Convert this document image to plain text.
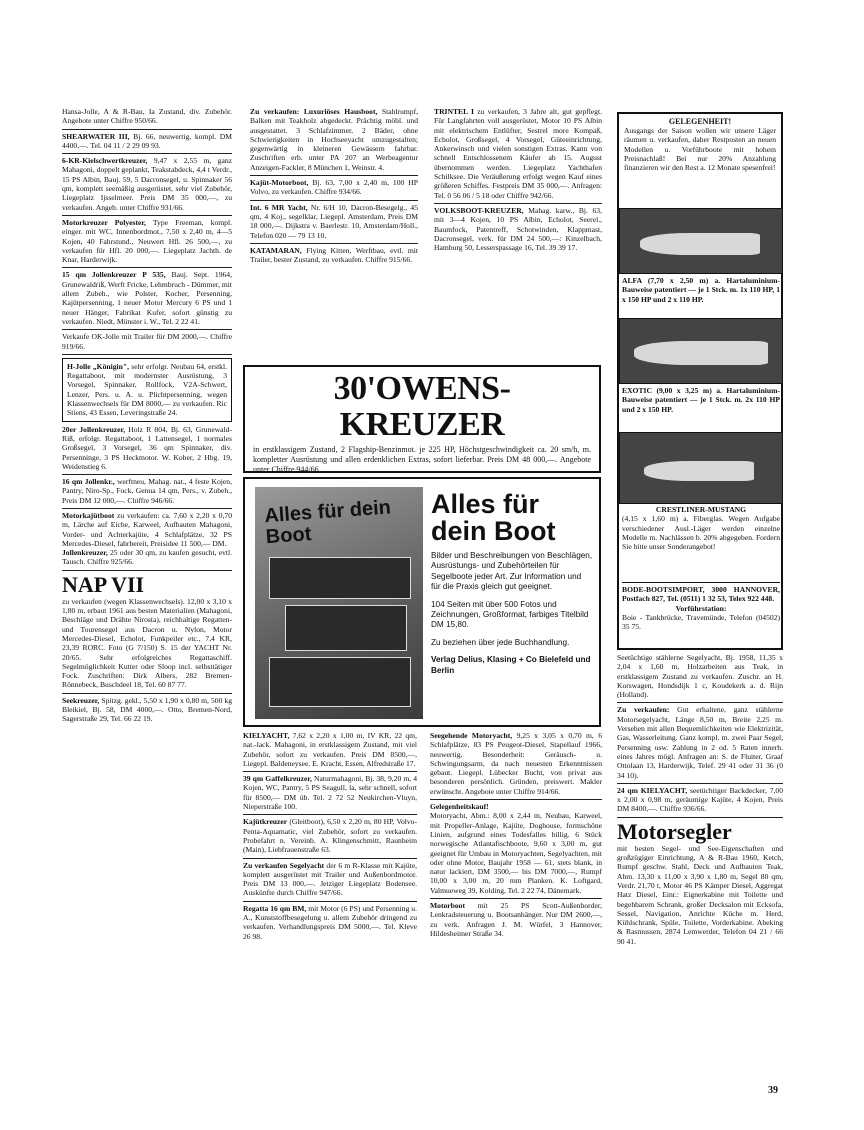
Hansa-Jolle, A & R-Bau, Ia Zustand, div. Zubehör. Angebote unter Chiffre 950/66.
SHEARWATER III, Bj. 66, neuwertig, kompl. DM 4400,—. Tel. 04 11 / 2 29 09 93.
6-KR-Kielschwertkreuzer, 9,47 x 2,55 m, ganz Mahagoni, doppelt geplankt, Teakstabdeck, 4,4 t Verdr., 15 PS Albin, Bauj. 59, 5 Dacronsegel, u. Spinnaker 56 qm, komplett seemäßig ausgerüstet, sehr viel Zubehör, Liegeplatz Ijsselmeer. Preis DM 35 000,—, zu verkaufen. Angeb. unter Chiffre 931/66.
Motorkreuzer Polyester, Type Freeman, kompl. einger. mit WC, Innenbordmot., 7,50 x 2,40 m, 4—5 Kojen, 40 Fahrstund., Neuwert Hfl. 26 500,—, zu verkaufen für Hfl. 20 000,—. Liegeplatz Jachth. de Knar, Harderwijk.
15 qm Jollenkreuzer P 535, Bauj. Sept. 1964, Grunewaldriß, Werft Fricke, Lehmbruch - Dümmer, mit allem Zubeh., wie Polster, Kocher, Persenning, Kajütpersenning, 1 neuer Motor Mercury 6 PS und 1 neuer Hänger, Fabrikat Kufer, sofort günstig zu verkaufen. Niedt, Münster i. W., Tel. 2 22 41.
Verkaufe OK-Jolle mit Trailer für DM 2000,—. Chiffre 919/66.
H-Jolle „Königin", sehr erfolgr. Neubau 64, erstkl. Regattaboot, mit modernster Ausrüstung, 3 Vorsegel, Spinnaker, Rollfock, V2A-Schwert, Lenzer, Pers. u. A. u. Plichtpersenning, wegen Klassenwechsels für DM 8000,— zu verkaufen. Ric Stiens, 43 Essen, Leveringstraße 24.
20er Jollenkreuzer, Holz R 804, Bj. 63, Grunewald-Riß, erfolgr. Regattaboot, 1 Lattensegel, 1 normales Großsegel, 3 Vorsegel, 36 qm Spinnaker, div. Persenninge, 3 PS Heckmotor. W. Kober, 2 Hbg. 19, Weidenstieg 6.
16 qm Jollenkr., werftneu, Mahag. nat., 4 feste Kojen, Pantry, Niro-Sp., Fock, Genua 14 qm, Pers., v. Zubeh., Preis DM 12 000,—. Chiffre 946/66.
Motorkajütboot zu verkaufen: ca. 7,60 x 2,20 x 0,70 m, Lärche auf Eiche, Karweel, Aufbauten Mahagoni, Vorder- und Achterkajüte, 4 Schlafplätze, 32 PS Mercedes-Diesel, fahrbereit, Preisidee 11 500,— DM.
Jollenkreuzer, 25 oder 30 qm, zu kaufen gesucht, evtl. Tausch. Chiffre 925/66.
NAP VII
zu verkaufen (wegen Klassenwechsels). 12,00 x 3,10 x 1,80 m, erbaut 1961 aus besten Materialien (Mahagoni, Beschläge und Drähte Nirosta), reichhaltige Regatten- und Tourensegel aus Dacron u. Nylon, Motor Mercedes-Diesel, Echolot, Funkpeiler etc., 7,4 KR, 23,39 RORC. Foto (G 7/150) S. 15 der YACHT Nr. 20/65. Sehr erfolgreiches Regattaschiff. Segelmöglichkeit Kutter oder Sloop incl. selbsttätiger Fock. Zuschriften: Dirk Albers, 282 Bremen-Rönnebeck, Buschdeel 18, Tel. 60 87 77.
Seekreuzer, Spitzg. gekl., 5,50 x 1,90 x 0,80 m, 500 kg Bleikiel, Bj. 58, DM 4000,—. Otto, Bremen-Nord, Sagerstraße 29, Tel. 66 22 19.
Zu verkaufen: Luxuriöses Hausboot, Stahlrumpf, Balken mit Teakholz abgedeckt. Prächtig möbl. und ausgestattet. 3 Schlafzimmer, 2 Bäder, ohne Schwierigkeiten in Hochseeyacht umzugestalten; gegenwärtig in kleineren Gewässern fahrbar. Zuschriften erb. unter PA 207 an Werbeagentur Anzeigen-Fackler, 8 München 1, Weinstr. 4.
Kajüt-Motorboot, Bj. 63, 7,00 x 2,40 m, 100 HP Volvo, zu verkaufen. Chiffre 934/66.
Int. 6 MR Yacht, Nr. 6/H 10, Dacron-Besegelg., 45 qm, 4 Koj., segelklar, Liegepl. Amsterdam, Preis DM 18 000,—. Dijkstra v. Baerlestr. 10, Amsterdam/Holl., Telefon 020 — 79 13 10.
KATAMARAN, Flying Kitten, Werftbau, evtl. mit Trailer, bester Zustand, zu verkaufen. Chiffre 915/66.
TRINTEL I zu verkaufen, 3 Jahre alt, gut gepflegt. Für Langfahrten voll ausgerüstet, Motor 10 PS Albin mit elektrischem Entlüfter, Sestrel more Kompaß, Echolot, Großsegel, 4 Vorsegel, Güteeinrichtung, Ankerwinsch und vielen sonstigen Extras. Kann von schnell Entschlossenem Käufer ab 15. August übernommen werden. Liegeplatz Yachthafen Schilksee. Die Veräußerung erfolgt wegen Kauf eines größeren Schiffes. Festpreis DM 35 000,—. Anfragen: Tel. 0 56 06 / 5 18 oder Chiffre 942/66.
VOLKSBOOT-KREUZER, Mahag. karw., Bj. 63, mit 3—4 Kojen, 10 PS Albin, Echolot, Seerel., Baumfock, Patentreff, Schotwinden, Klappmast, Dacronsegel, verk. für DM 24 500,—: Kinzelbach, Hamburg 50, Lesserspassage 16, Tel. 39 39 17.
30'OWENS-KREUZER

in erstklassigem Zustand, 2 Flagship-Benzinmot. je 225 HP, Höchstgeschwindigkeit ca. 20 sm/h, m. kompletter Ausrüstung und allen erdenklichen Extras, sofort lieferbar. Preis DM 48 000,—. Angebote unter Chiffre 944/66.

Alles für dein Boot
Alles für dein Boot

Bilder und Beschreibungen von Beschlägen, Ausrüstungs- und Zubehörteilen für Segelboote jeder Art. Zur Information und für die Praxis gleich gut geeignet.

104 Seiten mit über 500 Fotos und Zeichnungen, Großformat, farbiges Titelbild DM 15,80.

Zu beziehen über jede Buchhandlung.

Verlag Delius, Klasing + Co Bielefeld und Berlin

KIELYACHT, 7,62 x 2,20 x 1,00 m, IV KR, 22 qm, nat.-lack. Mahagoni, in erstklassigem Zustand, mit viel Zubehör, sofort zu verkaufen. Preis DM 8500,—, Liegepl. Baldeneysee. E. Kracht, Essen, Alfredstraße 17.
39 qm Gaffelkreuzer, Naturmahagoni, Bj. 38, 9,20 m, 4 Kojen, WC, Pantry, 5 PS Seagull, la, sehr schnell, sofort für 8500,— DM üb. Tel. 2 72 52 Neukirchen-Vluyn, Nieperstraße 100.
Kajütkreuzer (Gleitboot), 6,50 x 2,20 m, 80 HP, Volvo-Penta-Aquamatic, viel Zubehör, sofort zu verkaufen. Probefahrt n. Vereinb. A. Klingenschmitt, Raunheim (Main), Liebfrauenstraße 63.
Zu verkaufen Segelyacht der 6 m R-Klasse mit Kajüte, komplett ausgerüstet mit Trailer und Außenbordmotor. Preis DM 13 000,—. Jetziger Liegeplatz Bodensee. Auskünfte durch Chiffre 947/66.
Regatta 16 qm BM, mit Motor (6 PS) und Persenning u. A., Kunststoffbesegelung u. allem Zubehör dringend zu verkaufen. Verhandlungspreis DM 5000,—. Tel. Kleve 26 98.
Seegehende Motoryacht, 9,25 x 3,05 x 0,70 m, 6 Schlafplätze, 83 PS Peugeot-Diesel, Stapellauf 1966, neuwertig, Besonderheit: Geräusch- u. Schwingungsarm, da nach neuesten Erkenntnissen gebaut. Liegepl. Lübecker Bucht, von privat aus besonderen persönlich. Gründen, preiswert. Makler erwünscht. Angebote unter Chiffre 914/66.
Gelegenheitskauf!
Motoryacht, Abm.: 8,00 x 2,44 m, Neubau, Karweel, mit Propeller-Anlage, Kajüte, Doghouse, formschöne Linien, aufgrund eines Todesfalles billig. 6 Stück norwegische Atlantafischboote, 9,60 x 3,00 m, gut geeignet für Umbau in Motoryachten, Segelyachten, mit oder ohne Motor, Baujahr 1958 — 61, stets blank, in natur lackiert, DM 3500,— bis DM 7000,—, Rumpf 10,00 x 3,00 m, 20 mm Planken. K. Loftgard, Valmueweg 39, Kolding, Tel. 2 22 74, Dänemark.
Motorboot mit 25 PS Scott-Außenborder, Lenkradsteuerung u. Bootsanhänger. Nur DM 2600,—, zu verk. Anfragen J. M. Würfel, 3 Hannover, Hildesheimer Straße 34.
GELEGENHEIT!
Ausgangs der Saison wollen wir unsere Läger räumen u. verkaufen, daher Restposten an neuen Modellen u. Vorführboote mit hohem Preisnachlaß! Bei nur 20% Anzahlung finanzieren wir den Rest a. 12 Monate spesenfrei!
ALFA (7,70 x 2,50 m) a. Hartaluminium-Bauweise patentiert — je 1 Stck. m. 1x 110 HP, 1 x 150 HP und 2 x 110 HP.
EXOTIC (9,00 x 3,25 m) a. Hartaluminium-Bauweise patentiert — je 1 Stck. m. 2x 110 HP und 2 x 150 HP.
CRESTLINER-MUSTANG
(4,15 x 1,60 m) a. Fiberglas. Wegen Aufgabe verschiedener Ausl.-Läger werden einzelne Modelle m. Nachlässen b. 20% abgegeben. Fordern Sie bitte unser Sonderangebot!
BODE-BOOTSIMPORT, 3000 HANNOVER, Postfach 827, Tel. (0511) 1 32 53, Telex 922 448.

Vorführstation:
Boie - Tankbrücke, Travemünde, Telefon (04502) 35 75.
Seetüchtige stählerne Segelyacht, Bj. 1958, 11,35 x 2,04 x 1,60 m, Holzarbeiten aus Teak, in erstklassigem Zustand zu verkaufen. Zuschr. an H. Korswagen, Hondsdijk 1 c, Koudekerk a. d. Rijn (Holland).
Zu verkaufen: Gut erhaltene, ganz stählerne Motorsegelyacht, Länge 8,50 m, Breite 2,25 m. Versehen mit allen Bequemlichkeiten wie Elektrizität, Gas, Wasserleitung. Ganz kompl. m. zwei Paar Segel, Persenning usw. Zahlung in 2 od. 5 Raten innerh. eines Jahres mögl. Anfragen an: S. de Fluiter, Graaf Ottolaan 13, Harderwijk, Telef. 29 41 oder 31 36 (0 34 10).
24 qm KIELYACHT, seetüchtiger Backdecker, 7,00 x 2,00 x 0,98 m, geräumige Kajüte, 4 Kojen, Preis DM 8400,—. Chiffre 936/66.
Motorsegler
mit besten Segel- und See-Eigenschaften und großzügiger Einrichtung, A & R-Bau 1960, Ketch, Rumpf geschw. Stahl, Deck und Aufbauten Teak, Abm. 13,30 x 11,00 x 3,90 x 1,80 m, Segel 80 qm, Verdr. 21,70 t, Motor 46 PS Kämper Diesel, Aggregat Hatz Diesel, Einr.: Eignerkabine mit Toilette und begehbarem Schrank, großer Decksalon mit Ecksofa, Sessel, Navigation, Anrichte Küche m. Herd, Kühlschrank, Spüle, Toilette, Vorderkabine. Abeking & Rasmussen, 2874 Lemwerder, Telefon 04 21 / 66 90 41.
39
